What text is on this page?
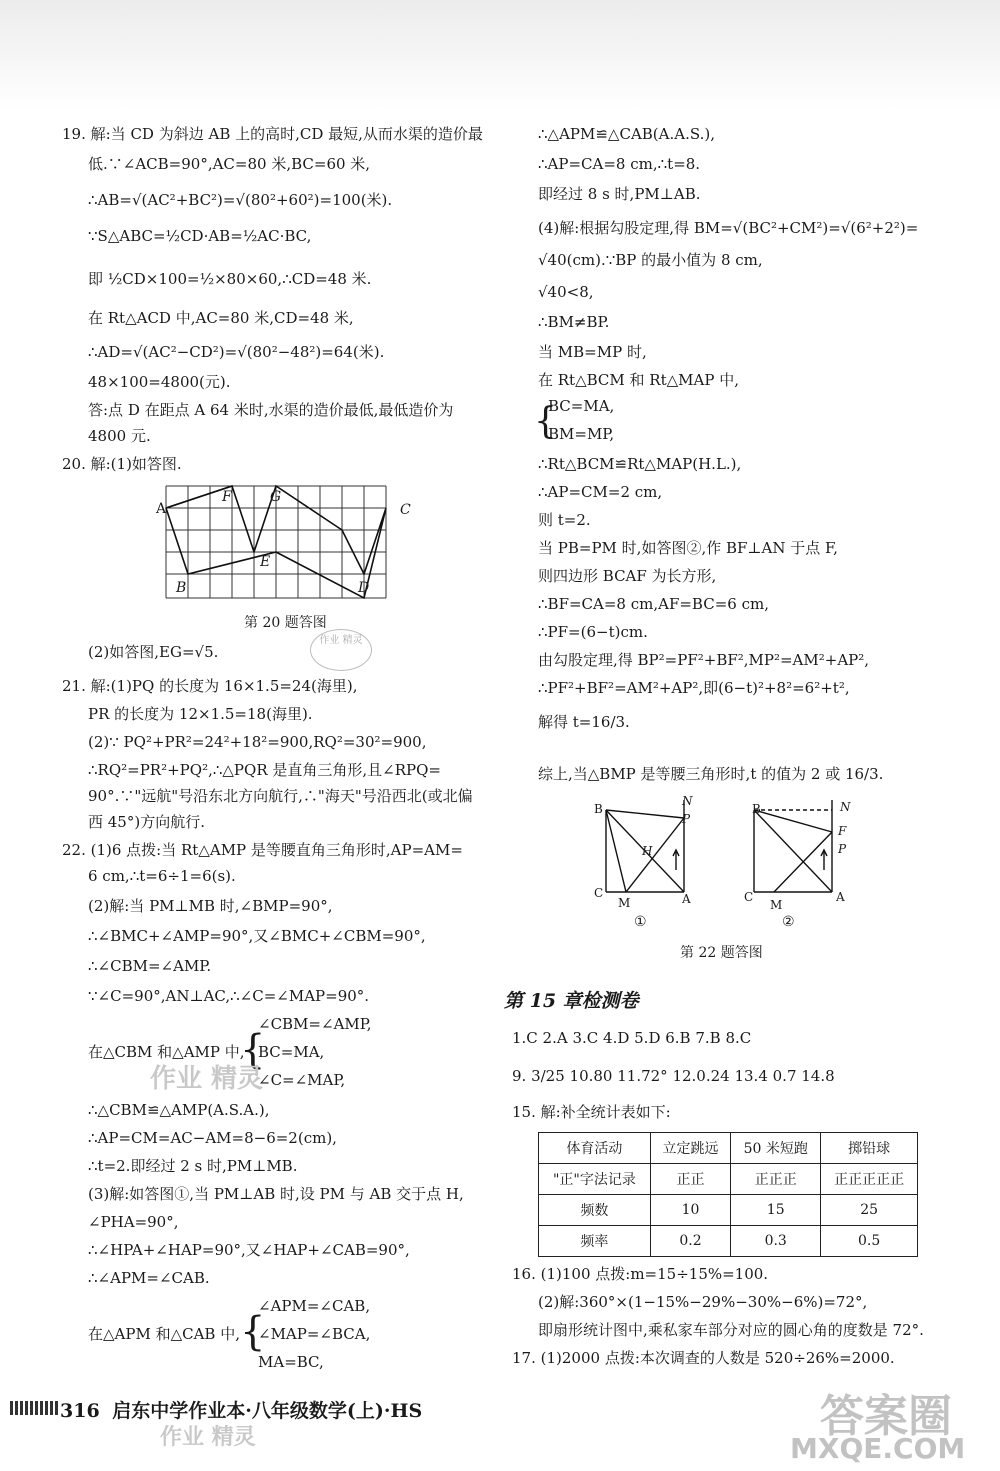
19. 解:当 CD 为斜边 AB 上的高时,CD 最短,从而水渠的造价最
低.∵∠ACB=90°,AC=80 米,BC=60 米,
∴AB=√(AC²+BC²)=√(80²+60²)=100(米).
∵S△ABC=½CD·AB=½AC·BC,
即 ½CD×100=½×80×60,∴CD=48 米.
在 Rt△ACD 中,AC=80 米,CD=48 米,
∴AD=√(AC²−CD²)=√(80²−48²)=64(米).
48×100=4800(元).
答:点 D 在距点 A 64 米时,水渠的造价最低,最低造价为
4800 元.
20. 解:(1)如答图.
A
F	G
C
E
B	D
第 20 题答图
作业 精灵
(2)如答图,EG=√5.
21. 解:(1)PQ 的长度为 16×1.5=24(海里),
PR 的长度为 12×1.5=18(海里).
(2)∵ PQ²+PR²=24²+18²=900,RQ²=30²=900,
∴RQ²=PR²+PQ²,∴△PQR 是直角三角形,且∠RPQ=
90°.∵"远航"号沿东北方向航行,∴"海天"号沿西北(或北偏
西 45°)方向航行.
22. (1)6 点拨:当 Rt△AMP 是等腰直角三角形时,AP=AM=
6 cm,∴t=6÷1=6(s).
(2)解:当 PM⊥MB 时,∠BMP=90°,
∴∠BMC+∠AMP=90°,又∠BMC+∠CBM=90°,
∴∠CBM=∠AMP.
∵∠C=90°,AN⊥AC,∴∠C=∠MAP=90°.
在△CBM 和△AMP 中,
{
∠CBM=∠AMP,
BC=MA,
∠C=∠MAP,
∴△CBM≌△AMP(A.S.A.),
∴AP=CM=AC−AM=8−6=2(cm),
∴t=2.即经过 2 s 时,PM⊥MB.
(3)解:如答图①,当 PM⊥AB 时,设 PM 与 AB 交于点 H,
∠PHA=90°,
∴∠HPA+∠HAP=90°,又∠HAP+∠CAB=90°,
∴∠APM=∠CAB.
在△APM 和△CAB 中, {
∠APM=∠CAB,
∠MAP=∠BCA,
MA=BC,
作业 精灵
∴△APM≌△CAB(A.A.S.),
∴AP=CA=8 cm,∴t=8.
即经过 8 s 时,PM⊥AB.
(4)解:根据勾股定理,得 BM=√(BC²+CM²)=√(6²+2²)=
√40(cm).∵BP 的最小值为 8 cm,
√40<8,
∴BM≠BP.
当 MB=MP 时,
在 Rt△BCM 和 Rt△MAP 中,
{
BC=MA,
BM=MP,
∴Rt△BCM≌Rt△MAP(H.L.),
∴AP=CM=2 cm,
则 t=2.
当 PB=PM 时,如答图②,作 BF⊥AN 于点 F,
则四边形 BCAF 为长方形,
∴BF=CA=8 cm,AF=BC=6 cm,
∴PF=(6−t)cm.
由勾股定理,得 BP²=PF²+BF²,MP²=AM²+AP²,
∴PF²+BF²=AM²+AP²,即(6−t)²+8²=6²+t²,
解得 t=16/3.
综上,当△BMP 是等腰三角形时,t 的值为 2 或 16/3.
N
B
P
H
C
M	A
①
N
B
F
P
C
M
A
②
第 22 题答图
第 15 章检测卷
1.C 2.A 3.C 4.D 5.D 6.B 7.B 8.C
9. 3/25 10.80 11.72° 12.0.24 13.4 0.7 14.8
15. 解:补全统计表如下:
体育活动	立定跳远	50 米短跑	掷铅球
"正"字法记录	正正	正正正	正正正正正
频数	10	15	25
频率	0.2	0.3	0.5
16. (1)100 点拨:m=15÷15%=100.
(2)解:360°×(1−15%−29%−30%−6%)=72°,
即扇形统计图中,乘私家车部分对应的圆心角的度数是 72°.
17. (1)2000 点拨:本次调查的人数是 520÷26%=2000.
316 启东中学作业本·八年级数学(上)·HS
作业 精灵	答案圈
MXQE.COM
